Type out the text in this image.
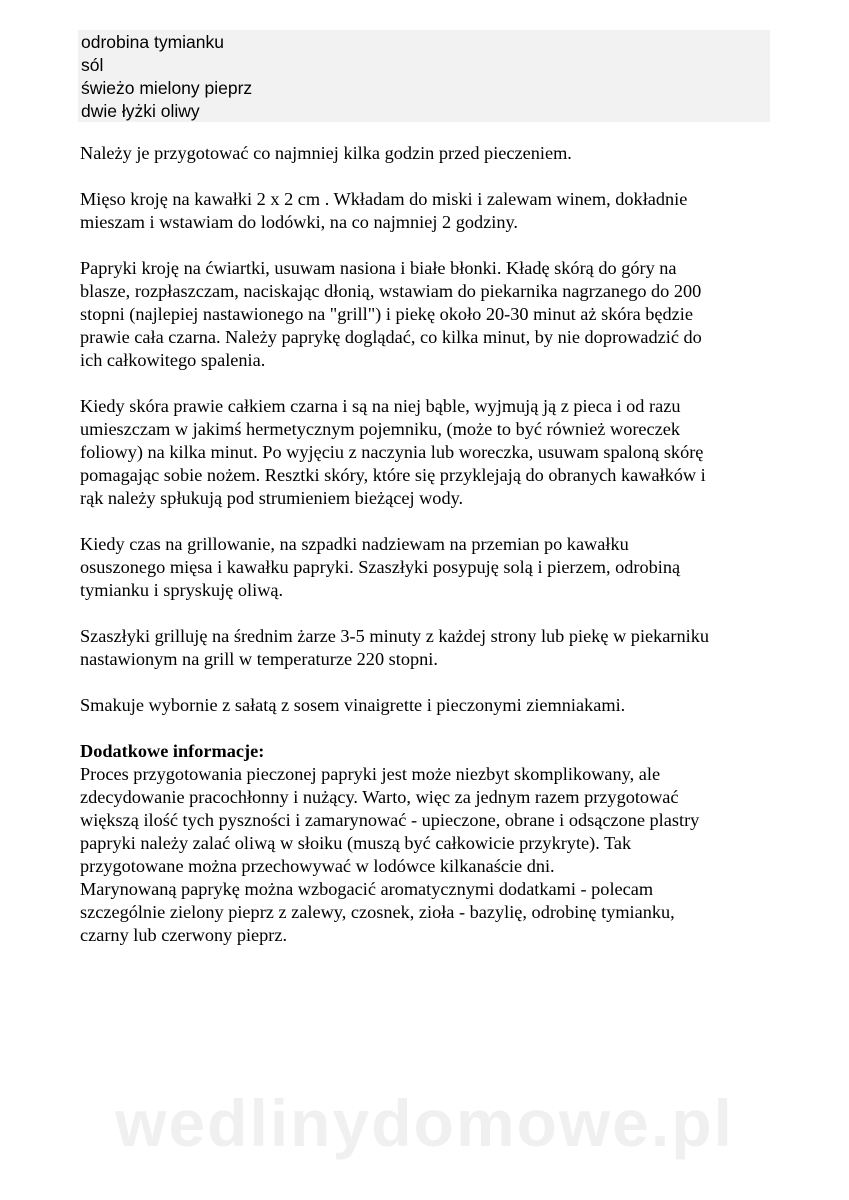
odrobina tymianku
sól
świeżo mielony pieprz
dwie łyżki oliwy

Należy je przygotować co najmniej kilka godzin przed pieczeniem.

Mięso kroję na kawałki 2 x 2 cm . Wkładam do miski i zalewam winem, dokładnie
mieszam i wstawiam do lodówki, na co najmniej 2 godziny.

Papryki kroję na ćwiartki, usuwam nasiona i białe błonki. Kładę skórą do góry na
blasze, rozpłaszczam, naciskając dłonią, wstawiam do piekarnika nagrzanego do 200
stopni (najlepiej nastawionego na "grill") i piekę około 20-30 minut aż skóra będzie
prawie cała czarna. Należy paprykę doglądać, co kilka minut, by nie doprowadzić do
ich całkowitego spalenia.

Kiedy skóra prawie całkiem czarna i są na niej bąble, wyjmują ją z pieca i od razu
umieszczam w jakimś hermetycznym pojemniku, (może to być również woreczek
foliowy) na kilka minut. Po wyjęciu z naczynia lub woreczka, usuwam spaloną skórę
pomagając sobie nożem. Resztki skóry, które się przyklejają do obranych kawałków i
rąk należy spłukują pod strumieniem bieżącej wody.

Kiedy czas na grillowanie, na szpadki nadziewam na przemian po kawałku
osuszonego mięsa i kawałku papryki. Szaszłyki posypuję solą i pierzem, odrobiną
tymianku i spryskuję oliwą.

Szaszłyki grilluję na średnim żarze 3-5 minuty z każdej strony lub piekę w piekarniku
nastawionym na grill w temperaturze 220 stopni.

Smakuje wybornie z sałatą z sosem vinaigrette i pieczonymi ziemniakami.

Dodatkowe informacje:
Proces przygotowania pieczonej papryki jest może niezbyt skomplikowany, ale
zdecydowanie pracochłonny i nużący. Warto, więc za jednym razem przygotować
większą ilość tych pyszności i zamarynować - upieczone, obrane i odsączone plastry
papryki należy zalać oliwą w słoiku (muszą być całkowicie przykryte). Tak
przygotowane można przechowywać w lodówce kilkanaście dni.
Marynowaną paprykę można wzbogacić aromatycznymi dodatkami - polecam
szczególnie zielony pieprz z zalewy, czosnek, zioła - bazylię, odrobinę tymianku,
czarny lub czerwony pieprz.

wedlinydomowe.pl
